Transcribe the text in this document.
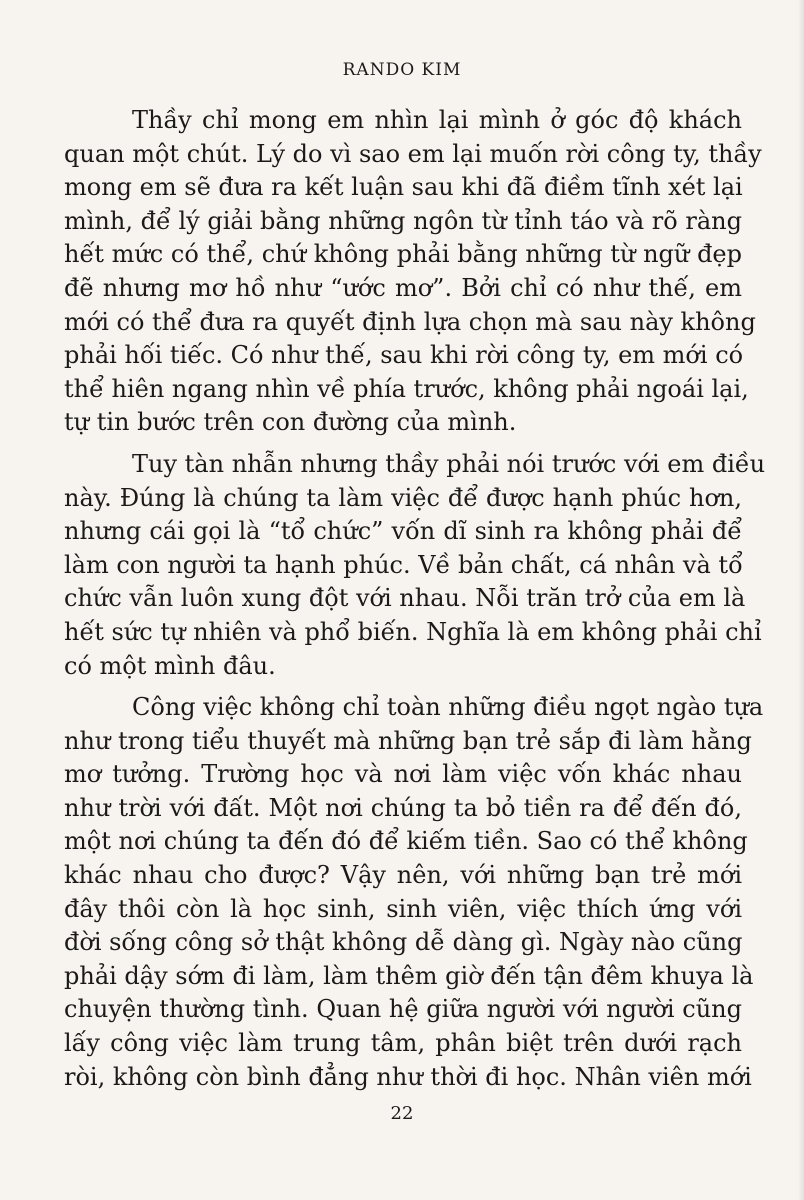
RANDO KIM
Thầy chỉ mong em nhìn lại mình ở góc độ khách
quan một chút. Lý do vì sao em lại muốn rời công ty, thầy
mong em sẽ đưa ra kết luận sau khi đã điềm tĩnh xét lại
mình, để lý giải bằng những ngôn từ tỉnh táo và rõ ràng
hết mức có thể, chứ không phải bằng những từ ngữ đẹp
đẽ nhưng mơ hồ như “ước mơ”. Bởi chỉ có như thế, em
mới có thể đưa ra quyết định lựa chọn mà sau này không
phải hối tiếc. Có như thế, sau khi rời công ty, em mới có
thể hiên ngang nhìn về phía trước, không phải ngoái lại,
tự tin bước trên con đường của mình.
Tuy tàn nhẫn nhưng thầy phải nói trước với em điều
này. Đúng là chúng ta làm việc để được hạnh phúc hơn,
nhưng cái gọi là “tổ chức” vốn dĩ sinh ra không phải để
làm con người ta hạnh phúc. Về bản chất, cá nhân và tổ
chức vẫn luôn xung đột với nhau. Nỗi trăn trở của em là
hết sức tự nhiên và phổ biến. Nghĩa là em không phải chỉ
có một mình đâu.
Công việc không chỉ toàn những điều ngọt ngào tựa
như trong tiểu thuyết mà những bạn trẻ sắp đi làm hằng
mơ tưởng. Trường học và nơi làm việc vốn khác nhau
như trời với đất. Một nơi chúng ta bỏ tiền ra để đến đó,
một nơi chúng ta đến đó để kiếm tiền. Sao có thể không
khác nhau cho được? Vậy nên, với những bạn trẻ mới
đây thôi còn là học sinh, sinh viên, việc thích ứng với
đời sống công sở thật không dễ dàng gì. Ngày nào cũng
phải dậy sớm đi làm, làm thêm giờ đến tận đêm khuya là
chuyện thường tình. Quan hệ giữa người với người cũng
lấy công việc làm trung tâm, phân biệt trên dưới rạch
ròi, không còn bình đẳng như thời đi học. Nhân viên mới
22
